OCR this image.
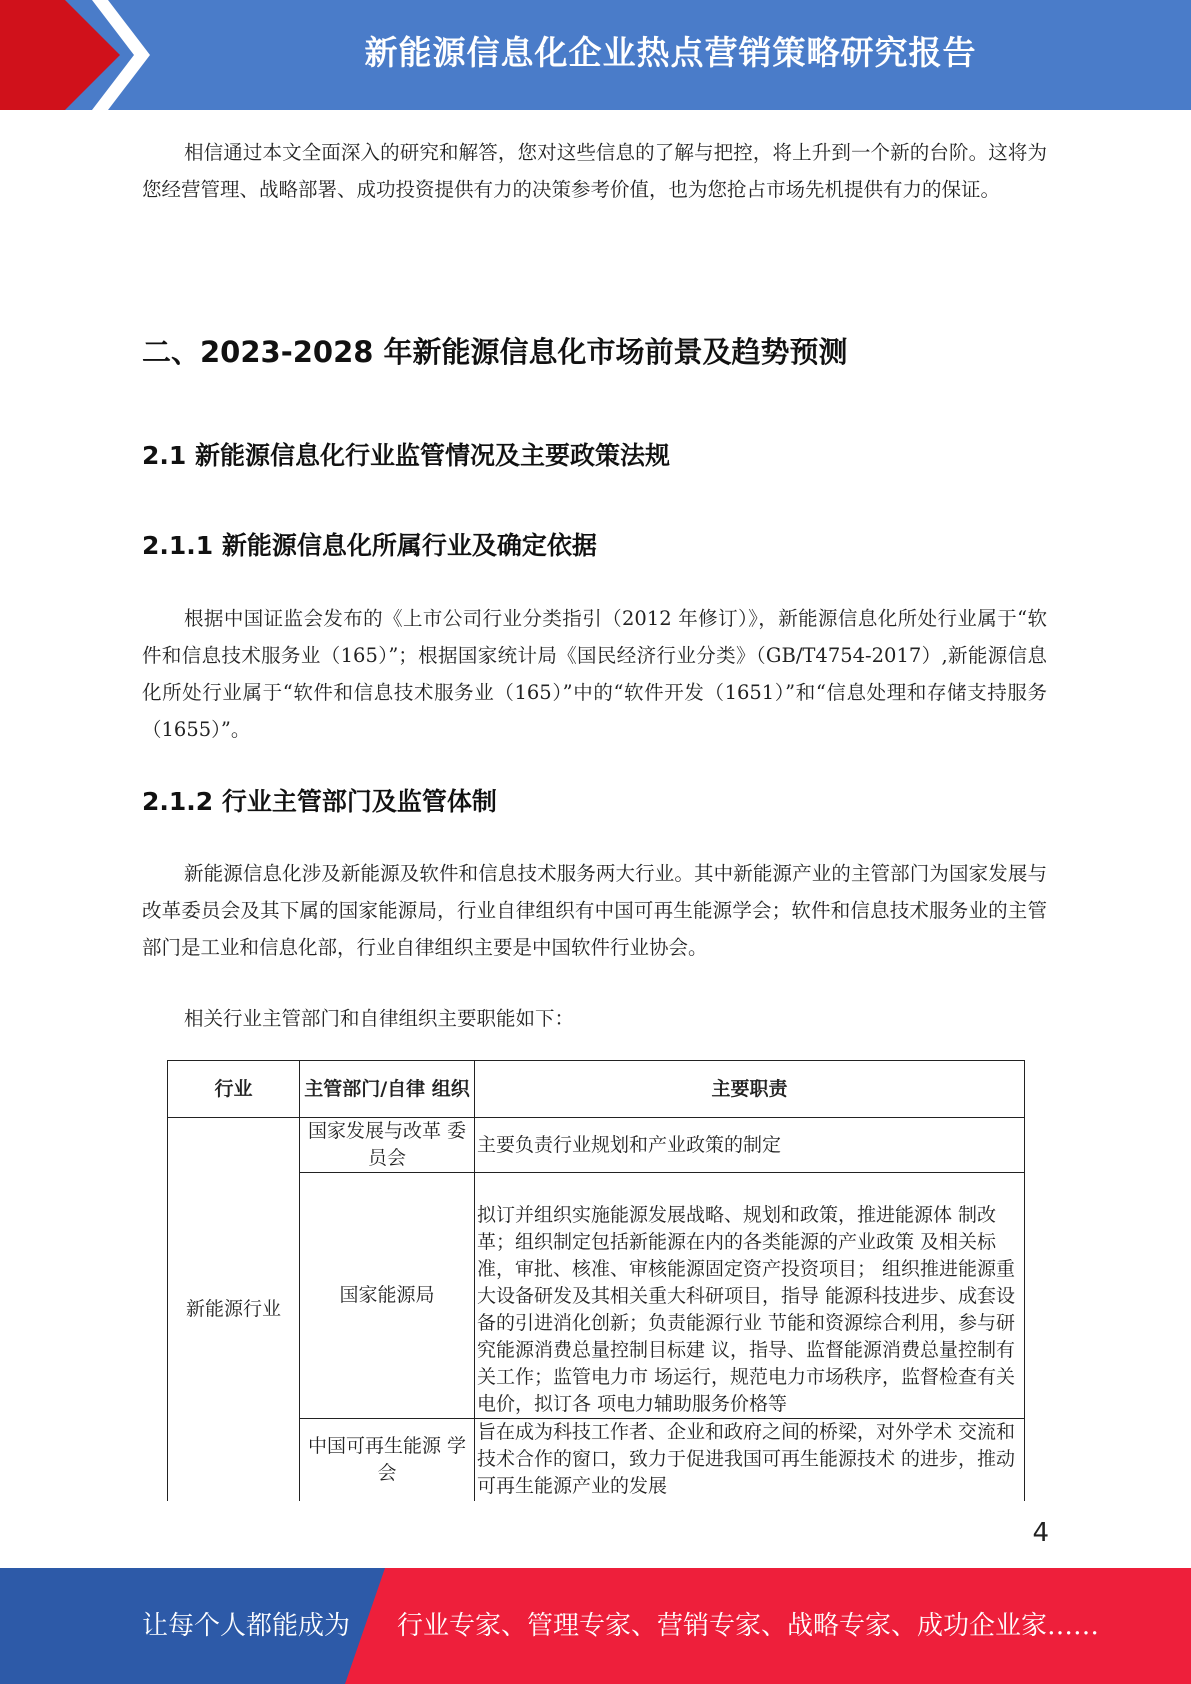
新能源信息化企业热点营销策略研究报告

相信通过本文全面深入的研究和解答，您对这些信息的了解与把控，将上升到一个新的台阶。这将为您经营管理、战略部署、成功投资提供有力的决策参考价值，也为您抢占市场先机提供有力的保证。

二、2023-2028 年新能源信息化市场前景及趋势预测
2.1 新能源信息化行业监管情况及主要政策法规
2.1.1 新能源信息化所属行业及确定依据

根据中国证监会发布的《上市公司行业分类指引（2012 年修订）》，新能源信息化所处行业属于“软件和信息技术服务业（165）”；根据国家统计局《国民经济行业分类》（GB/T4754-2017）,新能源信息化所处行业属于“软件和信息技术服务业（165）”中的“软件开发（1651）”和“信息处理和存储支持服务（1655）”。

2.1.2 行业主管部门及监管体制

新能源信息化涉及新能源及软件和信息技术服务两大行业。其中新能源产业的主管部门为国家发展与改革委员会及其下属的国家能源局，行业自律组织有中国可再生能源学会；软件和信息技术服务业的主管部门是工业和信息化部，行业自律组织主要是中国软件行业协会。

相关行业主管部门和自律组织主要职能如下：

行业	主管部门/自律 组织	主要职责
新能源行业	国家发展与改革 委员会	主要负责行业规划和产业政策的制定
	国家能源局	拟订并组织实施能源发展战略、规划和政策，推进能源体 制改革；组织制定包括新能源在内的各类能源的产业政策 及相关标准，审批、核准、审核能源固定资产投资项目； 组织推进能源重大设备研发及其相关重大科研项目，指导 能源科技进步、成套设备的引进消化创新；负责能源行业 节能和资源综合利用，参与研究能源消费总量控制目标建 议，指导、监督能源消费总量控制有关工作；监管电力市 场运行，规范电力市场秩序，监督检查有关电价，拟订各 项电力辅助服务价格等
	中国可再生能源 学会	旨在成为科技工作者、企业和政府之间的桥梁，对外学术 交流和技术合作的窗口，致力于促进我国可再生能源技术 的进步，推动可再生能源产业的发展
4
让每个人都能成为 行业专家、管理专家、营销专家、战略专家、成功企业家……
